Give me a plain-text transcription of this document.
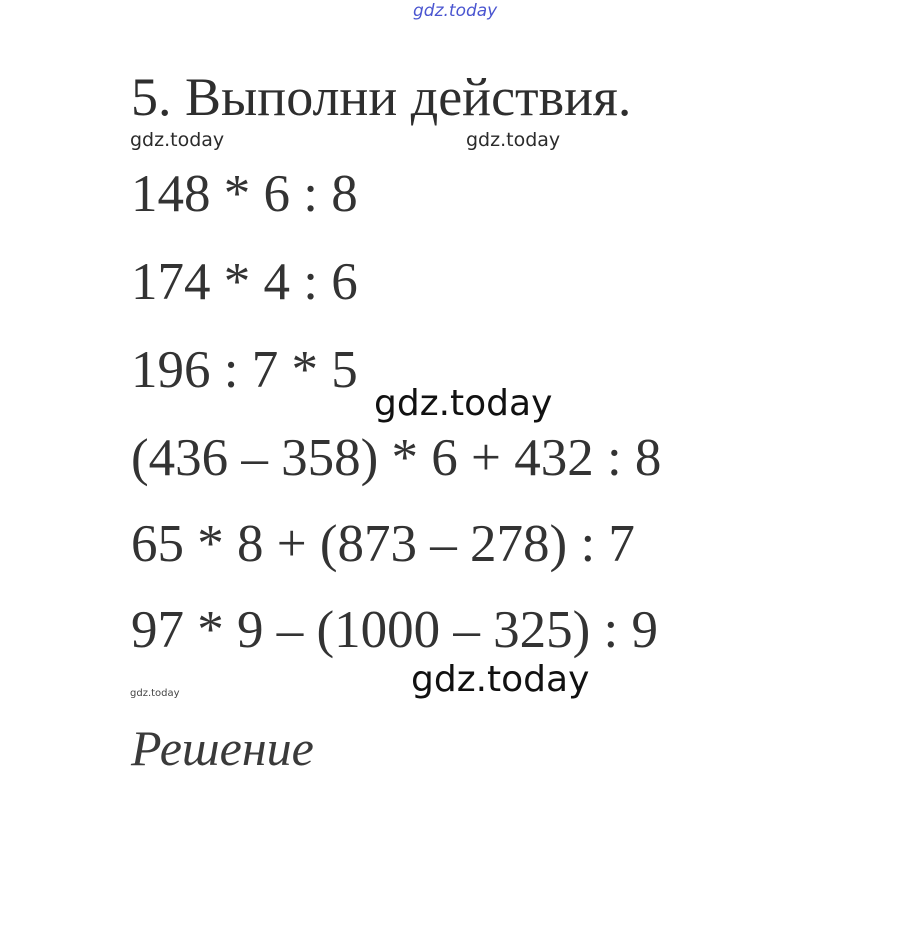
gdz.today
5. Выполни действия.
gdz.today	gdz.today
148 * 6 : 8
174 * 4 : 6
196 : 7 * 5
gdz.today
(436 – 358) * 6 + 432 : 8
65 * 8 + (873 – 278) : 7
97 * 9 – (1000 – 325) : 9
gdz.today
gdz.today
Решение
